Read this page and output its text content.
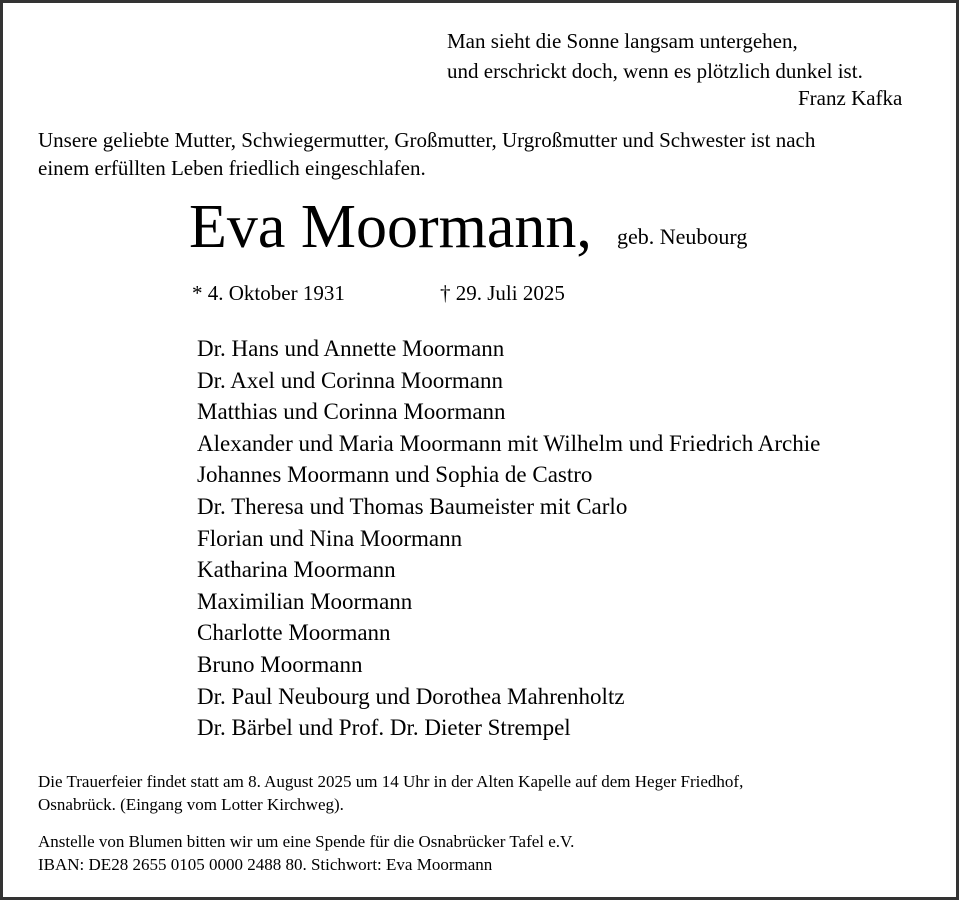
Man sieht die Sonne langsam untergehen,
und erschrickt doch, wenn es plötzlich dunkel ist.
Franz Kafka
Unsere geliebte Mutter, Schwiegermutter, Großmutter, Urgroßmutter und Schwester ist nach
einem erfüllten Leben friedlich eingeschlafen.
Eva Moormann, geb. Neubourg
* 4. Oktober 1931	† 29. Juli 2025
Dr. Hans und Annette Moormann
Dr. Axel und Corinna Moormann
Matthias und Corinna Moormann
Alexander und Maria Moormann mit Wilhelm und Friedrich Archie
Johannes Moormann und Sophia de Castro
Dr. Theresa und Thomas Baumeister mit Carlo
Florian und Nina Moormann
Katharina Moormann
Maximilian Moormann
Charlotte Moormann
Bruno Moormann
Dr. Paul Neubourg und Dorothea Mahrenholtz
Dr. Bärbel und Prof. Dr. Dieter Strempel
Die Trauerfeier findet statt am 8. August 2025 um 14 Uhr in der Alten Kapelle auf dem Heger Friedhof,
Osnabrück. (Eingang vom Lotter Kirchweg).
Anstelle von Blumen bitten wir um eine Spende für die Osnabrücker Tafel e.V.
IBAN: DE28 2655 0105 0000 2488 80. Stichwort: Eva Moormann
